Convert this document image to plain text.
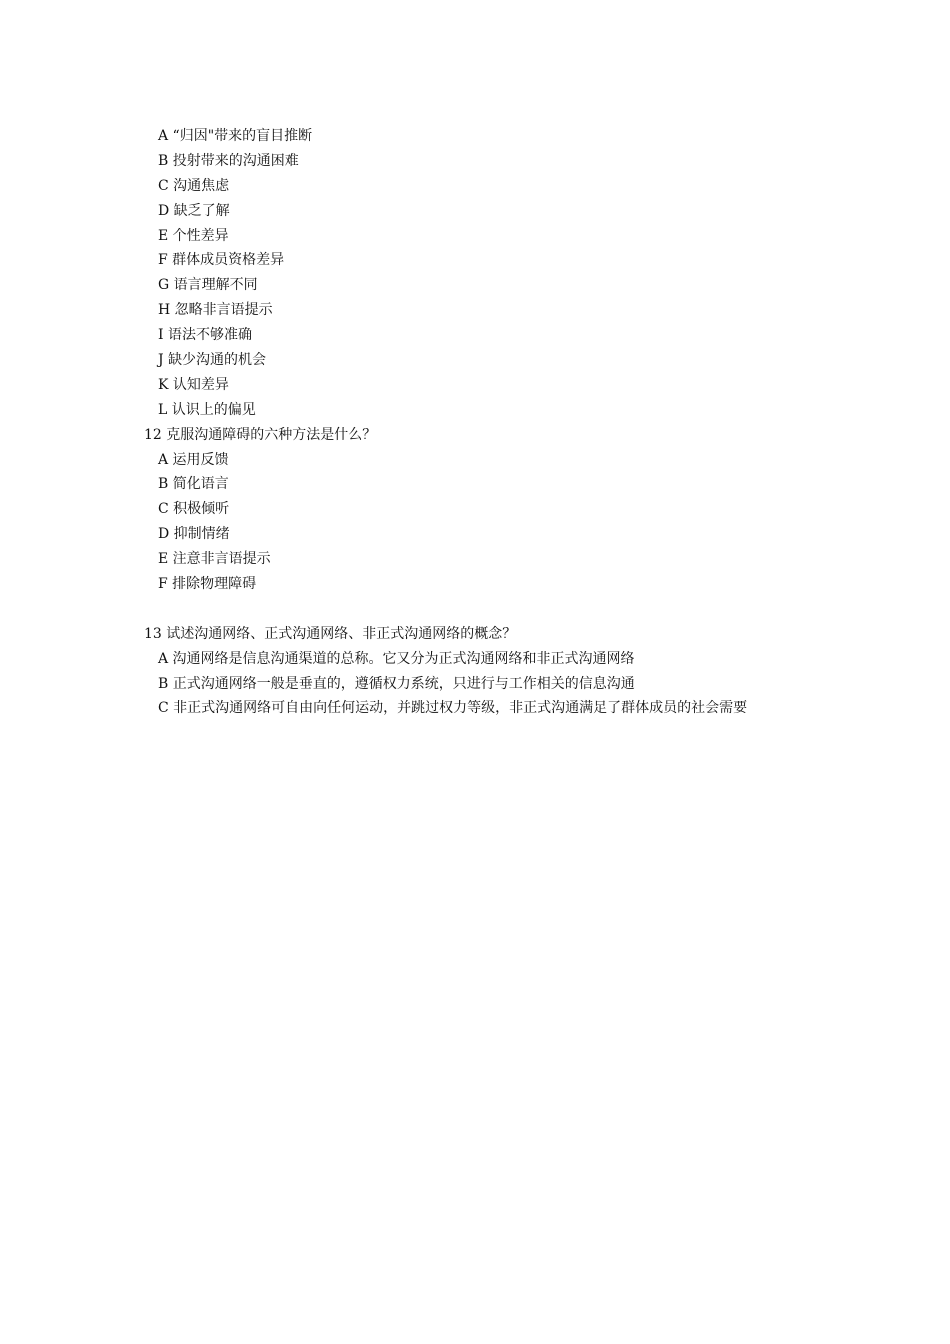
A “归因"带来的盲目推断
B 投射带来的沟通困难
C 沟通焦虑
D 缺乏了解
E 个性差异
F 群体成员资格差异
G 语言理解不同
H 忽略非言语提示
I 语法不够准确
J 缺少沟通的机会
K 认知差异
L 认识上的偏见
12 克服沟通障碍的六种方法是什么？
A 运用反馈
B 简化语言
C 积极倾听
D 抑制情绪
E 注意非言语提示
F 排除物理障碍
13 试述沟通网络、正式沟通网络、非正式沟通网络的概念？
A 沟通网络是信息沟通渠道的总称。它又分为正式沟通网络和非正式沟通网络
B 正式沟通网络一般是垂直的，遵循权力系统，只进行与工作相关的信息沟通
C 非正式沟通网络可自由向任何运动，并跳过权力等级，非正式沟通满足了群体成员的社会需要
